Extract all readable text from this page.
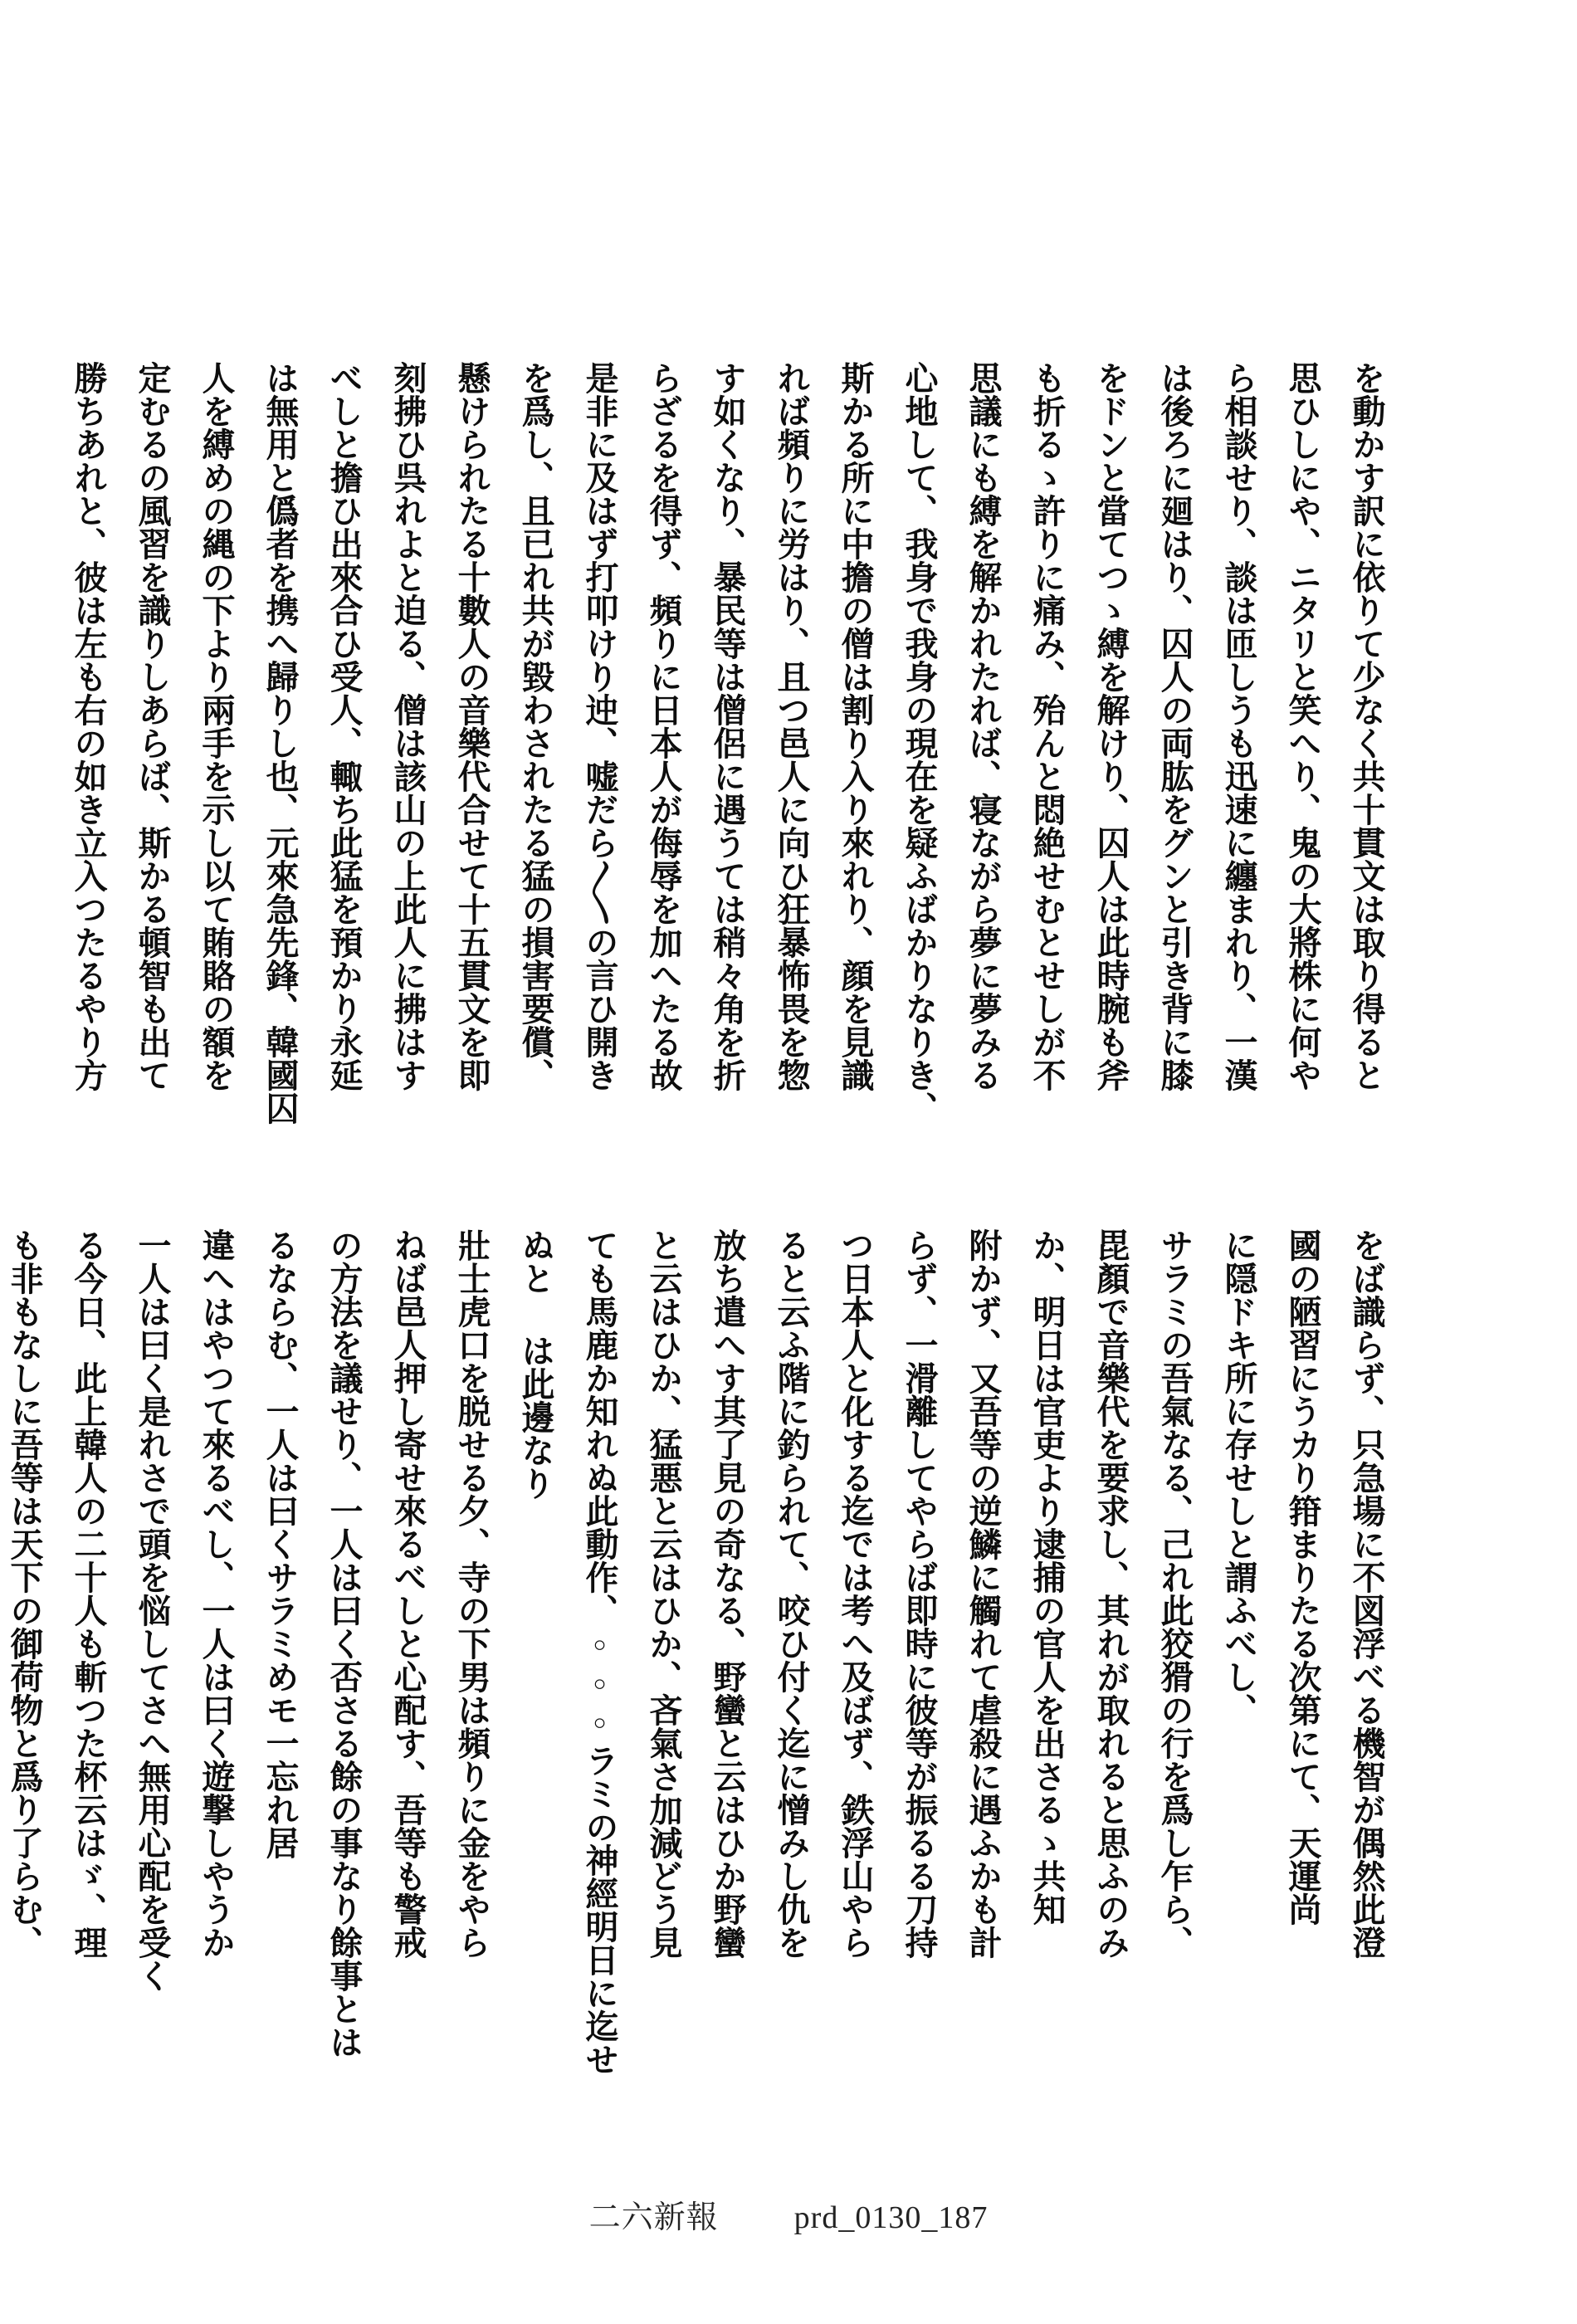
を動かす訳に依りて少なく共十貫文は取り得ると
思ひしにや、ニタリと笑へり、鬼の大將株に何や
ら相談せり、談は匝しうも迅速に纏まれり、一漢
は後ろに廻はり、囚人の両肱をグンと引き背に膝
をドンと當てつゝ縛を解けり、囚人は此時腕も斧
も折るゝ許りに痛み、殆んと悶絶せむとせしが不
思議にも縛を解かれたれば、寝ながら夢に夢みる
心地して、我身で我身の現在を疑ふばかりなりき、
斯かる所に中擔の僧は割り入り來れり、顔を見識
れば頻りに労はり、且つ邑人に向ひ狂暴怖畏を惣
す如くなり、暴民等は僧侶に遇うては稍々角を折
らざるを得ず、頻りに日本人が侮辱を加へたる故
是非に及はず打叩けり迚、嘘だら〳〵の言ひ開き
を爲し、且已れ共が毀わされたる猛の損害要償、
懸けられたる十數人の音樂代合せて十五貫文を即
刻拂ひ呉れよと迫る、僧は該山の上此人に拂はす
べしと擔ひ出來合ひ受人、輙ち此猛を預かり永延
は無用と僞者を携へ歸りし也、元來急先鋒、韓國囚
人を縛めの縄の下より兩手を示し以て賄賂の額を
定むるの風習を識りしあらば、斯かる頓智も出て
勝ちあれと、彼は左も右の如き立入つたるやり方
をば識らず、只急場に不図浮べる機智が偶然此澄
國の陋習にうカり箝まりたる次第にて、天運尚
に隠ドキ所に存せしと謂ふべし、
サラミの吾氣なる、己れ此狡猾の行を爲し乍ら、
毘顏で音樂代を要求し、其れが取れると思ふのみ
か、明日は官吏より逮捕の官人を出さるゝ共知
附かず、又吾等の逆鱗に觸れて虐殺に遇ふかも計
らず、一滑離してやらば即時に彼等が振るる刀持
つ日本人と化する迄では考へ及ばず、鉄浮山やら
ると云ふ階に釣られて、咬ひ付く迄に憎みし仇を
放ち遣へす其了見の奇なる、野蠻と云はひか野蠻
と云はひか、猛悪と云はひか、吝氣さ加減どう見
ても馬鹿か知れぬ此動作、◦◦◦ラミの神經明日に迄せ
ぬと は此邊なり
壯士虎口を脱せる夕、寺の下男は頻りに金をやら
ねば邑人押し寄せ來るべしと心配す、吾等も警戒
の方法を議せり、一人は曰く否さる餘の事なり餘事とは
るならむ、一人は曰くサラミめモ一忘れ居
違へはやつて來るべし、一人は曰く遊撃しやうか
一人は曰く是れさで頭を悩してさへ無用心配を受く
る今日、此上韓人の二十人も斬つた杯云はゞ、理
も非もなしに吾等は天下の御荷物と爲り了らむ、
二六新報 prd_0130_187
